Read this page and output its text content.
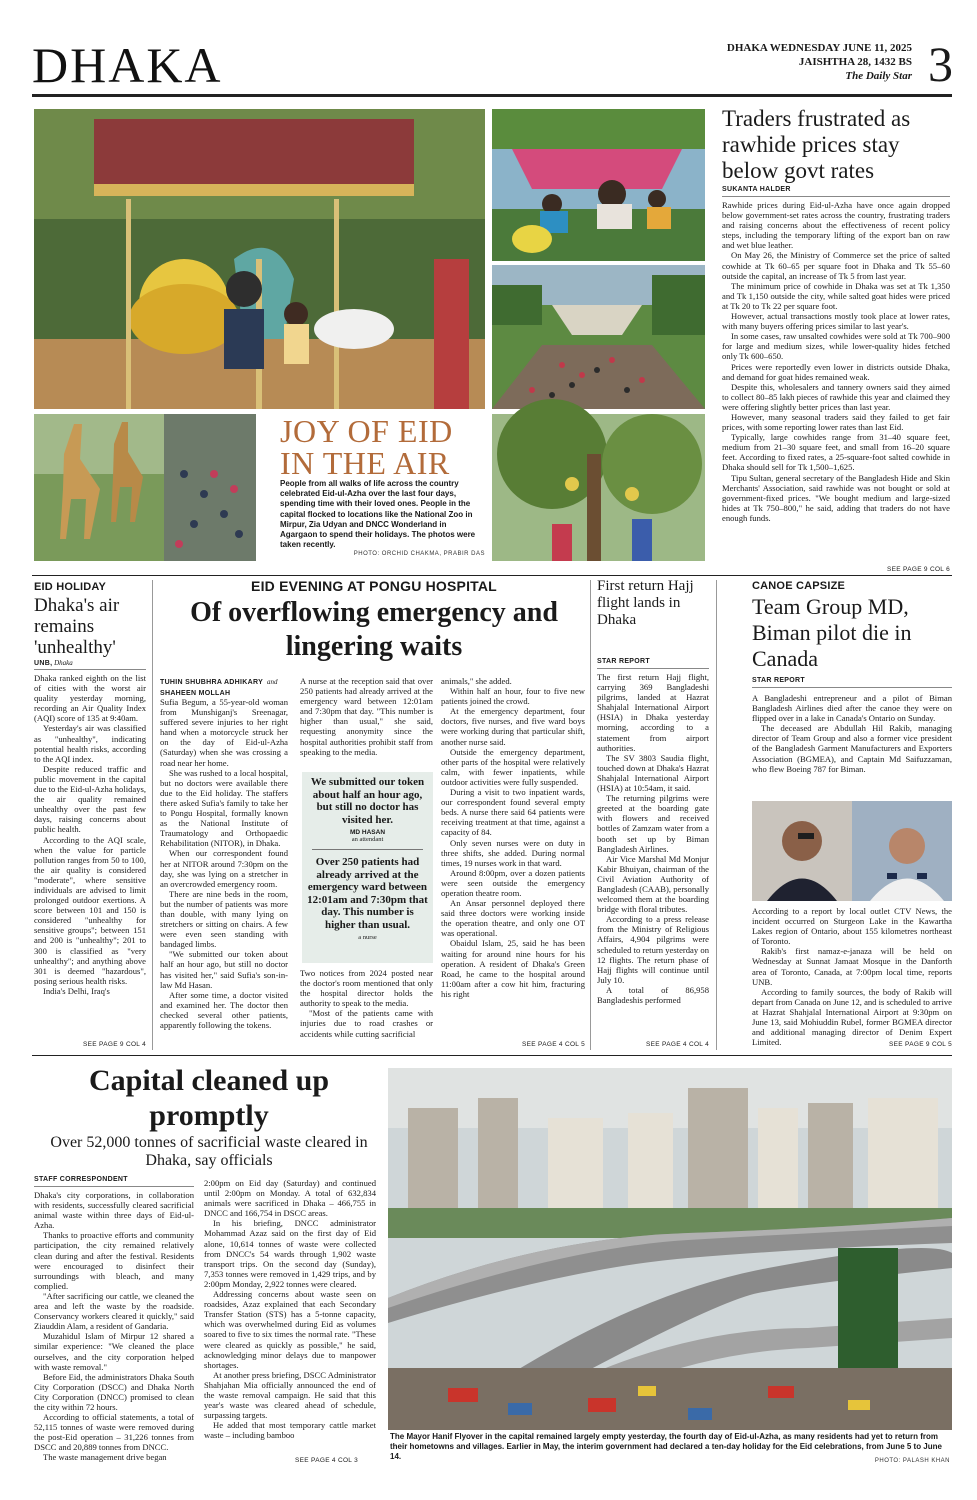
DHAKA	DHAKA WEDNESDAY JUNE 11, 2025
JAISHTHA 28, 1432 BS
The Daily Star 3
JOY OF EID
IN THE AIR
People from all walks of life across the country celebrated Eid-ul-Azha over the last four days, spending time with their loved ones. People in the capital flocked to locations like the National Zoo in Mirpur, Zia Udyan and DNCC Wonderland in Agargaon to spend their holidays. The photos were taken recently.
PHOTO: ORCHID CHAKMA, PRABIR DAS
Traders frustrated as rawhide prices stay below govt rates
SUKANTA HALDER

Rawhide prices during Eid-ul-Azha have once again dropped below government-set rates across the country, frustrating traders and raising concerns about the effectiveness of recent policy steps, including the temporary lifting of the export ban on raw and wet blue leather.

On May 26, the Ministry of Commerce set the price of salted cowhide at Tk 60–65 per square foot in Dhaka and Tk 55–60 outside the capital, an increase of Tk 5 from last year.

The minimum price of cowhide in Dhaka was set at Tk 1,350 and Tk 1,150 outside the city, while salted goat hides were priced at Tk 20 to Tk 22 per square foot.

However, actual transactions mostly took place at lower rates, with many buyers offering prices similar to last year's.

In some cases, raw unsalted cowhides were sold at Tk 700–900 for large and medium sizes, while lower-quality hides fetched only Tk 600–650.

Prices were reportedly even lower in districts outside Dhaka, and demand for goat hides remained weak.

Despite this, wholesalers and tannery owners said they aimed to collect 80–85 lakh pieces of rawhide this year and claimed they were offering slightly better prices than last year.

However, many seasonal traders said they failed to get fair prices, with some reporting lower rates than last Eid.

Typically, large cowhides range from 31–40 square feet, medium from 21–30 square feet, and small from 16–20 square feet. According to fixed rates, a 25-square-foot salted cowhide in Dhaka should sell for Tk 1,500–1,625.

Tipu Sultan, general secretary of the Bangladesh Hide and Skin Merchants' Association, said rawhide was not bought or sold at government-fixed prices. "We bought medium and large-sized hides at Tk 750–800," he said, adding that traders do not have enough funds.

SEE PAGE 9 COL 6
EID HOLIDAY
Dhaka's air remains 'unhealthy'
UNB, Dhaka

Dhaka ranked eighth on the list of cities with the worst air quality yesterday morning, recording an Air Quality Index (AQI) score of 135 at 9:40am.

Yesterday's air was classified as "unhealthy", indicating potential health risks, according to the AQI index.

Despite reduced traffic and public movement in the capital due to the Eid-ul-Azha holidays, the air quality remained unhealthy over the past few days, raising concerns about public health.

According to the AQI scale, when the value for particle pollution ranges from 50 to 100, the air quality is considered "moderate", where sensitive individuals are advised to limit prolonged outdoor exertions. A score between 101 and 150 is considered "unhealthy for sensitive groups"; between 151 and 200 is "unhealthy"; 201 to 300 is classified as "very unhealthy"; and anything above 301 is deemed "hazardous", posing serious health risks.

India's Delhi, Iraq's

SEE PAGE 9 COL 4
EID EVENING AT PONGU HOSPITAL
Of overflowing emergency and lingering waits
TUHIN SHUBHRA ADHIKARY and
SHAHEEN MOLLAH

Sufia Begum, a 55-year-old woman from Munshiganj's Sreenagar, suffered severe injuries to her right hand when a motorcycle struck her on the day of Eid-ul-Azha (Saturday) when she was crossing a road near her home.

She was rushed to a local hospital, but no doctors were available there due to the Eid holiday. The staffers there asked Sufia's family to take her to Pongu Hospital, formally known as the National Institute of Traumatology and Orthopaedic Rehabilitation (NITOR), in Dhaka.

When our correspondent found her at NITOR around 7:30pm on the day, she was lying on a stretcher in an overcrowded emergency room.

There are nine beds in the room, but the number of patients was more than double, with many lying on stretchers or sitting on chairs. A few were even seen standing with bandaged limbs.

"We submitted our token about half an hour ago, but still no doctor has visited her," said Sufia's son-in-law Md Hasan.

After some time, a doctor visited and examined her. The doctor then checked several other patients, apparently following the tokens.

A nurse at the reception said that over 250 patients had already arrived at the emergency ward between 12:01am and 7:30pm that day. "This number is higher than usual," she said, requesting anonymity since the hospital authorities prohibit staff from speaking to the media.

We submitted our token about half an hour ago, but still no doctor has visited her.
MD HASAN
an attendant
Over 250 patients had already arrived at the emergency ward between 12:01am and 7:30pm that day. This number is higher than usual.
a nurse

Two notices from 2024 posted near the doctor's room mentioned that only the hospital director holds the authority to speak to the media.

"Most of the patients came with injuries due to road crashes or accidents while cutting sacrificial

animals," she added.

Within half an hour, four to five new patients joined the crowd.

At the emergency department, four doctors, five nurses, and five ward boys were working during that particular shift, another nurse said.

Outside the emergency department, other parts of the hospital were relatively calm, with fewer inpatients, while outdoor activities were fully suspended.

During a visit to two inpatient wards, our correspondent found several empty beds. A nurse there said 64 patients were receiving treatment at that time, against a capacity of 84.

Only seven nurses were on duty in three shifts, she added. During normal times, 19 nurses work in that ward.

Around 8:00pm, over a dozen patients were seen outside the emergency operation theatre room.

An Ansar personnel deployed there said three doctors were working inside the operation theatre, and only one OT was operational.

Obaidul Islam, 25, said he has been waiting for around nine hours for his operation. A resident of Dhaka's Green Road, he came to the hospital around 11:00am after a cow hit him, fracturing his right

SEE PAGE 4 COL 5
First return Hajj flight lands in Dhaka
STAR REPORT

The first return Hajj flight, carrying 369 Bangladeshi pilgrims, landed at Hazrat Shahjalal International Airport (HSIA) in Dhaka yesterday morning, according to a statement from airport authorities.

The SV 3803 Saudia flight, touched down at Dhaka's Hazrat Shahjalal International Airport (HSIA) at 10:54am, it said.

The returning pilgrims were greeted at the boarding gate with flowers and received bottles of Zamzam water from a booth set up by Biman Bangladesh Airlines.

Air Vice Marshal Md Monjur Kabir Bhuiyan, chairman of the Civil Aviation Authority of Bangladesh (CAAB), personally welcomed them at the boarding bridge with floral tributes.

According to a press release from the Ministry of Religious Affairs, 4,904 pilgrims were scheduled to return yesterday on 12 flights. The return phase of Hajj flights will continue until July 10.

A total of 86,958 Bangladeshis performed

SEE PAGE 4 COL 4
CANOE CAPSIZE
Team Group MD, Biman pilot die in Canada
STAR REPORT

A Bangladeshi entrepreneur and a pilot of Biman Bangladesh Airlines died after the canoe they were on flipped over in a lake in Canada's Ontario on Sunday.

The deceased are Abdullah Hil Rakib, managing director of Team Group and also a former vice president of the Bangladesh Garment Manufacturers and Exporters Association (BGMEA), and Captain Md Saifuzzaman, who flew Boeing 787 for Biman.

According to a report by local outlet CTV News, the incident occurred on Sturgeon Lake in the Kawartha Lakes region of Ontario, about 155 kilometres northeast of Toronto.

Rakib's first namaz-e-janaza will be held on Wednesday at Sunnat Jamaat Mosque in the Danforth area of Toronto, Canada, at 7:00pm local time, reports UNB.

According to family sources, the body of Rakib will depart from Canada on June 12, and is scheduled to arrive at Hazrat Shahjalal International Airport at 9:30pm on June 13, said Mohiuddin Rubel, former BGMEA director and additional managing director of Denim Expert Limited.	SEE PAGE 9 COL 5
Capital cleaned up promptly
Over 52,000 tonnes of sacrificial waste cleared in Dhaka, say officials
STAFF CORRESPONDENT

Dhaka's city corporations, in collaboration with residents, successfully cleared sacrificial animal waste within three days of Eid-ul-Azha.

Thanks to proactive efforts and community participation, the city remained relatively clean during and after the festival. Residents were encouraged to disinfect their surroundings with bleach, and many complied.

"After sacrificing our cattle, we cleaned the area and left the waste by the roadside. Conservancy workers cleared it quickly," said Ziauddin Alam, a resident of Gandaria.

Muzahidul Islam of Mirpur 12 shared a similar experience: "We cleaned the place ourselves, and the city corporation helped with waste removal."

Before Eid, the administrators Dhaka South City Corporation (DSCC) and Dhaka North City Corporation (DNCC) promised to clean the city within 72 hours.

According to official statements, a total of 52,115 tonnes of waste were removed during the post-Eid operation – 31,226 tonnes from DSCC and 20,889 tonnes from DNCC.

The waste management drive began

2:00pm on Eid day (Saturday) and continued until 2:00pm on Monday. A total of 632,834 animals were sacrificed in Dhaka – 466,755 in DNCC and 166,754 in DSCC areas.

In his briefing, DNCC administrator Mohammad Azaz said on the first day of Eid alone, 10,614 tonnes of waste were collected from DNCC's 54 wards through 1,902 waste transport trips. On the second day (Sunday), 7,353 tonnes were removed in 1,429 trips, and by 2:00pm Monday, 2,922 tonnes were cleared.

Addressing concerns about waste seen on roadsides, Azaz explained that each Secondary Transfer Station (STS) has a 5-tonne capacity, which was overwhelmed during Eid as volumes soared to five to six times the normal rate. "These were cleared as quickly as possible," he said, acknowledging minor delays due to manpower shortages.

At another press briefing, DSCC Administrator Shahjahan Mia officially announced the end of the waste removal campaign. He said that this year's waste was cleared ahead of schedule, surpassing targets.

He added that most temporary cattle market waste – including bamboo

SEE PAGE 4 COL 3
The Mayor Hanif Flyover in the capital remained largely empty yesterday, the fourth day of Eid-ul-Azha, as many residents had yet to return from their hometowns and villages. Earlier in May, the interim government had declared a ten-day holiday for the Eid celebrations, from June 5 to June 14.	PHOTO: PALASH KHAN
